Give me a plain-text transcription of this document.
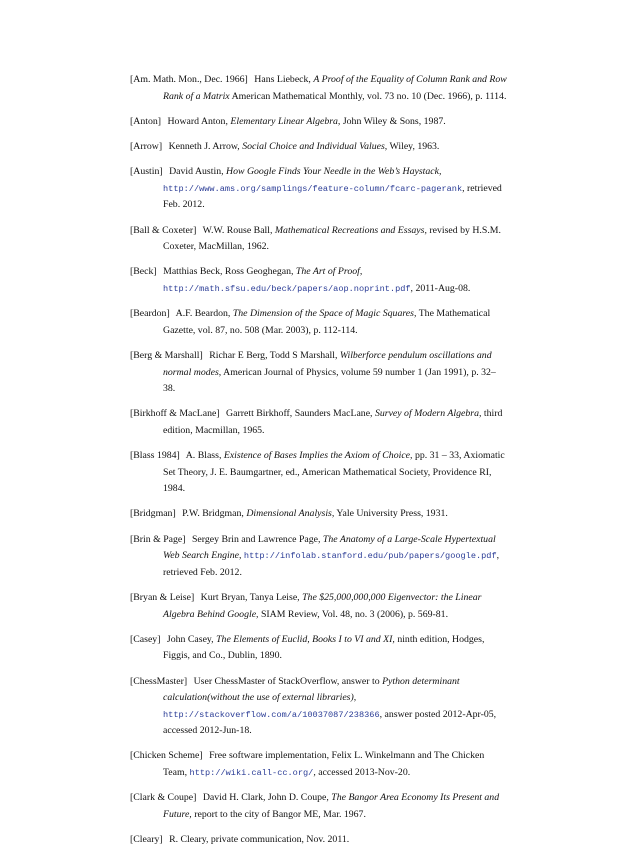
[Am. Math. Mon., Dec. 1966] Hans Liebeck, A Proof of the Equality of Column Rank and Row Rank of a Matrix American Mathematical Monthly, vol. 73 no. 10 (Dec. 1966), p. 1114.

[Anton] Howard Anton, Elementary Linear Algebra, John Wiley & Sons, 1987.

[Arrow] Kenneth J. Arrow, Social Choice and Individual Values, Wiley, 1963.

[Austin] David Austin, How Google Finds Your Needle in the Web’s Haystack, http://www.ams.org/samplings/feature-column/fcarc-pagerank, retrieved Feb. 2012.

[Ball & Coxeter] W.W. Rouse Ball, Mathematical Recreations and Essays, revised by H.S.M. Coxeter, MacMillan, 1962.

[Beck] Matthias Beck, Ross Geoghegan, The Art of Proof, http://math.sfsu.edu/beck/papers/aop.noprint.pdf, 2011-Aug-08.

[Beardon] A.F. Beardon, The Dimension of the Space of Magic Squares, The Mathematical Gazette, vol. 87, no. 508 (Mar. 2003), p. 112-114.

[Berg & Marshall] Richar E Berg, Todd S Marshall, Wilberforce pendulum oscillations and normal modes, American Journal of Physics, volume 59 number 1 (Jan 1991), p. 32–38.

[Birkhoff & MacLane] Garrett Birkhoff, Saunders MacLane, Survey of Modern Algebra, third edition, Macmillan, 1965.

[Blass 1984] A. Blass, Existence of Bases Implies the Axiom of Choice, pp. 31 – 33, Axiomatic Set Theory, J. E. Baumgartner, ed., American Mathematical Society, Providence RI, 1984.

[Bridgman] P.W. Bridgman, Dimensional Analysis, Yale University Press, 1931.

[Brin & Page] Sergey Brin and Lawrence Page, The Anatomy of a Large-Scale Hypertextual Web Search Engine, http://infolab.stanford.edu/pub/papers/google.pdf, retrieved Feb. 2012.

[Bryan & Leise] Kurt Bryan, Tanya Leise, The $25,000,000,000 Eigenvector: the Linear Algebra Behind Google, SIAM Review, Vol. 48, no. 3 (2006), p. 569-81.

[Casey] John Casey, The Elements of Euclid, Books I to VI and XI, ninth edition, Hodges, Figgis, and Co., Dublin, 1890.

[ChessMaster] User ChessMaster of StackOverflow, answer to Python determinant calculation(without the use of external libraries), http://stackoverflow.com/a/10037087/238366, answer posted 2012-Apr-05, accessed 2012-Jun-18.

[Chicken Scheme] Free software implementation, Felix L. Winkelmann and The Chicken Team, http://wiki.call-cc.org/, accessed 2013-Nov-20.

[Clark & Coupe] David H. Clark, John D. Coupe, The Bangor Area Economy Its Present and Future, report to the city of Bangor ME, Mar. 1967.

[Cleary] R. Cleary, private communication, Nov. 2011.
